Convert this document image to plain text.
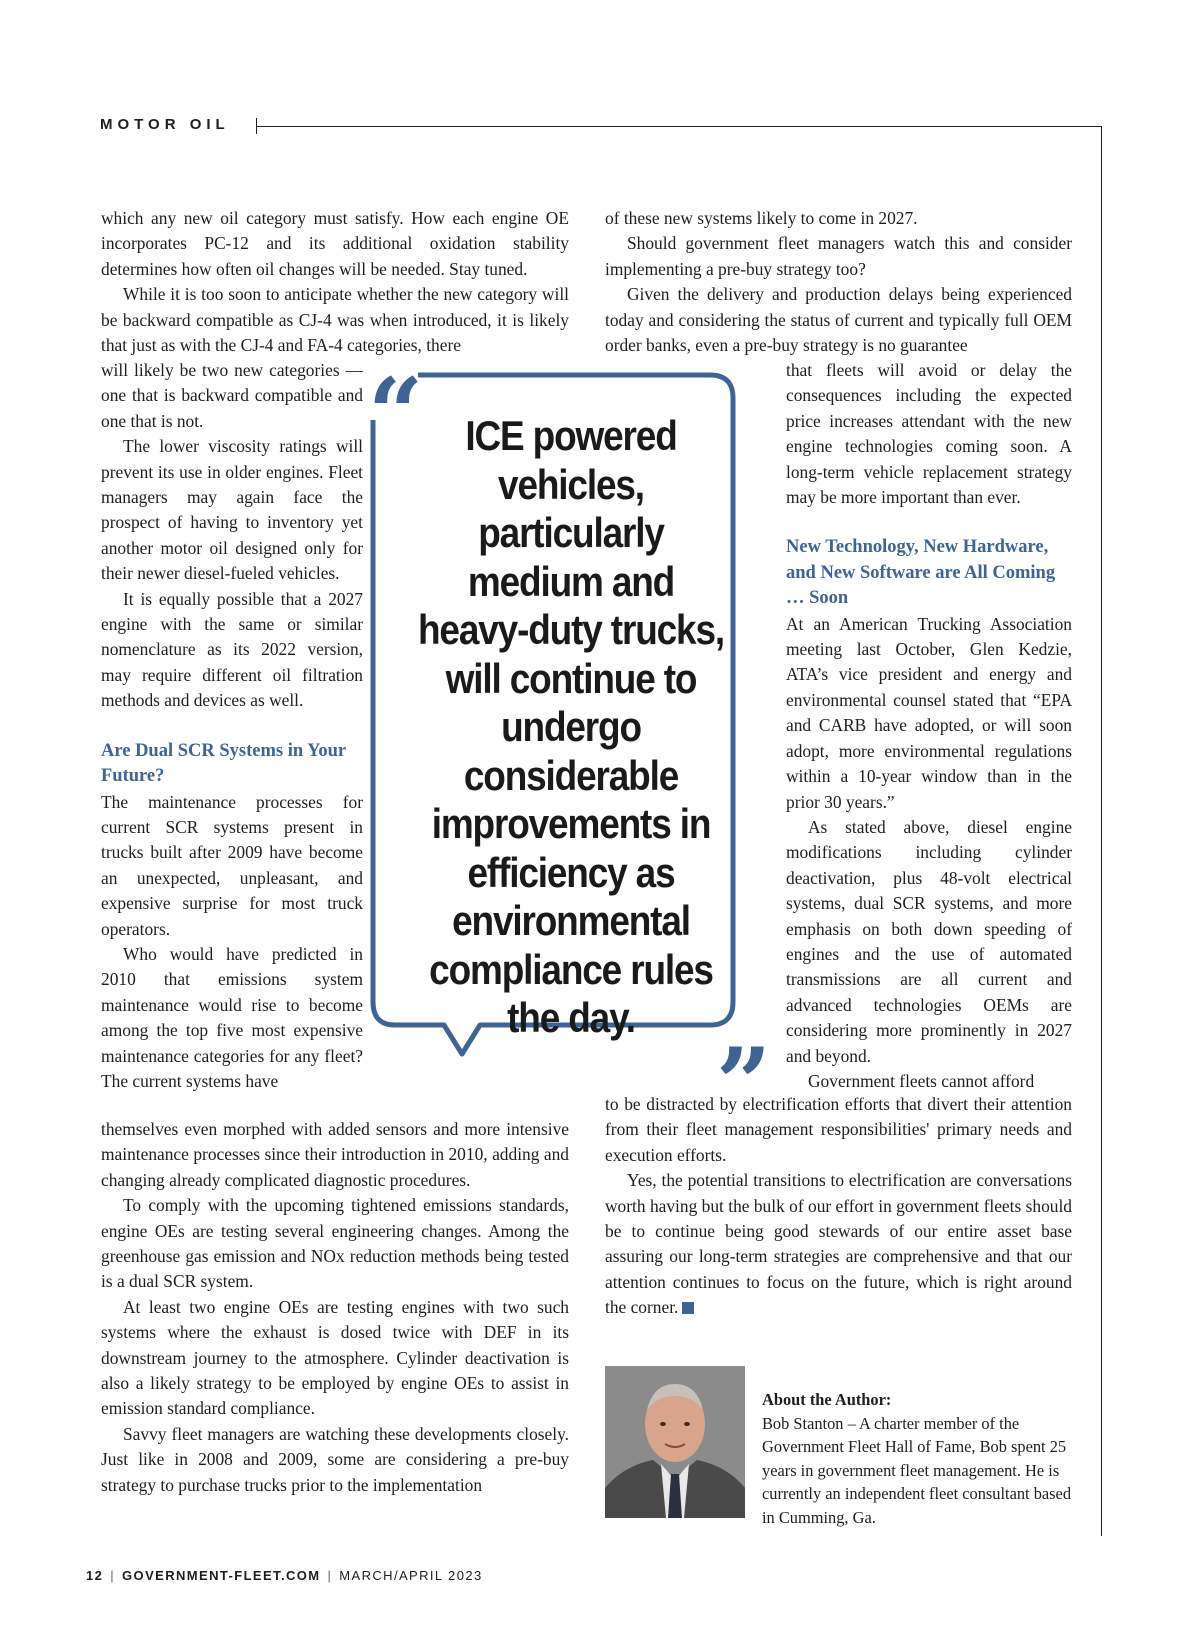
MOTOR OIL

which any new oil category must satisfy. How each engine OE incorporates PC-12 and its additional oxidation stability determines how often oil changes will be needed. Stay tuned.

While it is too soon to anticipate whether the new category will be backward compatible as CJ-4 was when introduced, it is likely that just as with the CJ-4 and FA-4 categories, there

will likely be two new categories — one that is backward compatible and one that is not.

The lower viscosity ratings will prevent its use in older engines. Fleet managers may again face the prospect of having to inventory yet another motor oil designed only for their newer diesel-fueled vehicles.

It is equally possible that a 2027 engine with the same or similar nomenclature as its 2022 version, may require different oil filtration methods and devices as well.

Are Dual SCR Systems in Your Future?

The maintenance processes for current SCR systems present in trucks built after 2009 have become an unexpected, unpleasant, and expensive surprise for most truck operators.

Who would have predicted in 2010 that emissions system maintenance would rise to become among the top five most expensive maintenance categories for any fleet? The current systems have

themselves even morphed with added sensors and more intensive maintenance processes since their introduction in 2010, adding and changing already complicated diagnostic procedures.

To comply with the upcoming tightened emissions standards, engine OEs are testing several engineering changes. Among the greenhouse gas emission and NOx reduction methods being tested is a dual SCR system.

At least two engine OEs are testing engines with two such systems where the exhaust is dosed twice with DEF in its downstream journey to the atmosphere. Cylinder deactivation is also a likely strategy to be employed by engine OEs to assist in emission standard compliance.

Savvy fleet managers are watching these developments closely. Just like in 2008 and 2009, some are considering a pre-buy strategy to purchase trucks prior to the implementation

of these new systems likely to come in 2027.

Should government fleet managers watch this and consider implementing a pre-buy strategy too?

Given the delivery and production delays being experienced today and considering the status of current and typically full OEM order banks, even a pre-buy strategy is no guarantee

that fleets will avoid or delay the consequences including the expected price increases attendant with the new engine technologies coming soon. A long-term vehicle replacement strategy may be more important than ever.

New Technology, New Hardware, and New Software are All Coming … Soon

At an American Trucking Association meeting last October, Glen Kedzie, ATA’s vice president and energy and environmental counsel stated that “EPA and CARB have adopted, or will soon adopt, more environmental regulations within a 10-year window than in the prior 30 years.”

As stated above, diesel engine modifications including cylinder deactivation, plus 48-volt electrical systems, dual SCR systems, and more emphasis on both down speeding of engines and the use of automated transmissions are all current and advanced technologies OEMs are considering more prominently in 2027 and beyond.

Government fleets cannot afford

to be distracted by electrification efforts that divert their attention from their fleet management responsibilities' primary needs and execution efforts.

Yes, the potential transitions to electrification are conversations worth having but the bulk of our effort in government fleets should be to continue being good stewards of our entire asset base assuring our long-term strategies are comprehensive and that our attention continues to focus on the future, which is right around the corner.

“
”
ICE powered vehicles, particularly medium and heavy-duty trucks, will continue to undergo considerable improvements in efficiency as environmental compliance rules the day.
About the Author:
Bob Stanton – A charter member of the Government Fleet Hall of Fame, Bob spent 25 years in government fleet management. He is currently an independent fleet consultant based in Cumming, Ga.
12 | GOVERNMENT-FLEET.COM | MARCH/APRIL 2023
